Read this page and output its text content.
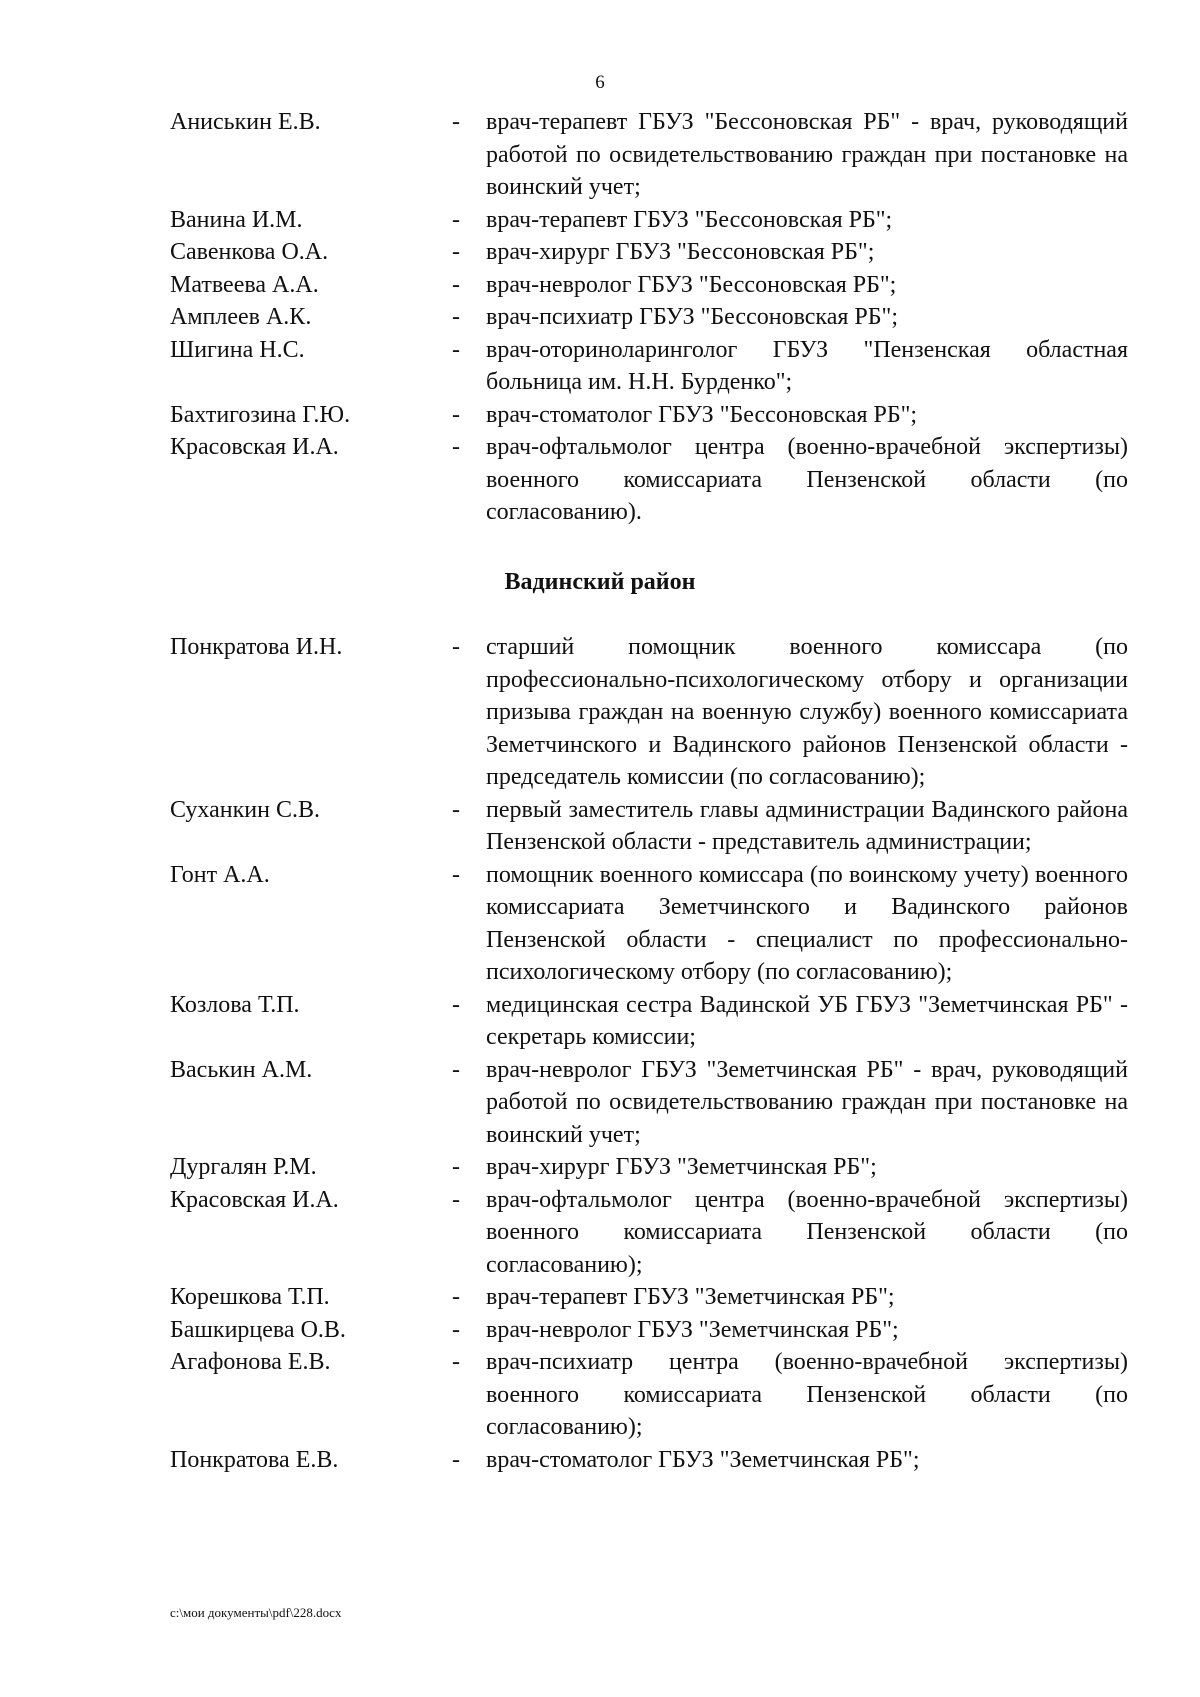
6
Аниськин Е.В.	-	врач-терапевт ГБУЗ "Бессоновская РБ" - врач, руководящий работой по освидетельствованию граждан при постановке на воинский учет;
Ванина И.М.	-	врач-терапевт ГБУЗ "Бессоновская РБ";
Савенкова О.А.	-	врач-хирург ГБУЗ "Бессоновская РБ";
Матвеева А.А.	-	врач-невролог ГБУЗ "Бессоновская РБ";
Амплеев А.К.	-	врач-психиатр ГБУЗ "Бессоновская РБ";
Шигина Н.С.	-	врач-оториноларинголог ГБУЗ "Пензенская областная больница им. Н.Н. Бурденко";
Бахтигозина Г.Ю.	-	врач-стоматолог ГБУЗ "Бессоновская РБ";
Красовская И.А.	-	врач-офтальмолог центра (военно-врачебной экспертизы) военного комиссариата Пензенской области (по согласованию).
Вадинский район
Понкратова И.Н.	-	старший помощник военного комиссара (по профессионально-психологическому отбору и организации призыва граждан на военную службу) военного комиссариата Земетчинского и Вадинского районов Пензенской области - председатель комиссии (по согласованию);
Суханкин С.В.	-	первый заместитель главы администрации Вадинского района Пензенской области - представитель администрации;
Гонт А.А.	-	помощник военного комиссара (по воинскому учету) военного комиссариата Земетчинского и Вадинского районов Пензенской области - специалист по профессионально-психологическому отбору (по согласованию);
Козлова Т.П.	-	медицинская сестра Вадинской УБ ГБУЗ "Земетчинская РБ" - секретарь комиссии;
Васькин А.М.	-	врач-невролог ГБУЗ "Земетчинская РБ" - врач, руководящий работой по освидетельствованию граждан при постановке на воинский учет;
Дургалян Р.М.	-	врач-хирург ГБУЗ "Земетчинская РБ";
Красовская И.А.	-	врач-офтальмолог центра (военно-врачебной экспертизы) военного комиссариата Пензенской области (по согласованию);
Корешкова Т.П.	-	врач-терапевт ГБУЗ "Земетчинская РБ";
Башкирцева О.В.	-	врач-невролог ГБУЗ "Земетчинская РБ";
Агафонова Е.В.	-	врач-психиатр центра (военно-врачебной экспертизы) военного комиссариата Пензенской области (по согласованию);
Понкратова Е.В.	-	врач-стоматолог ГБУЗ "Земетчинская РБ";
c:\мои документы\pdf\228.docx
